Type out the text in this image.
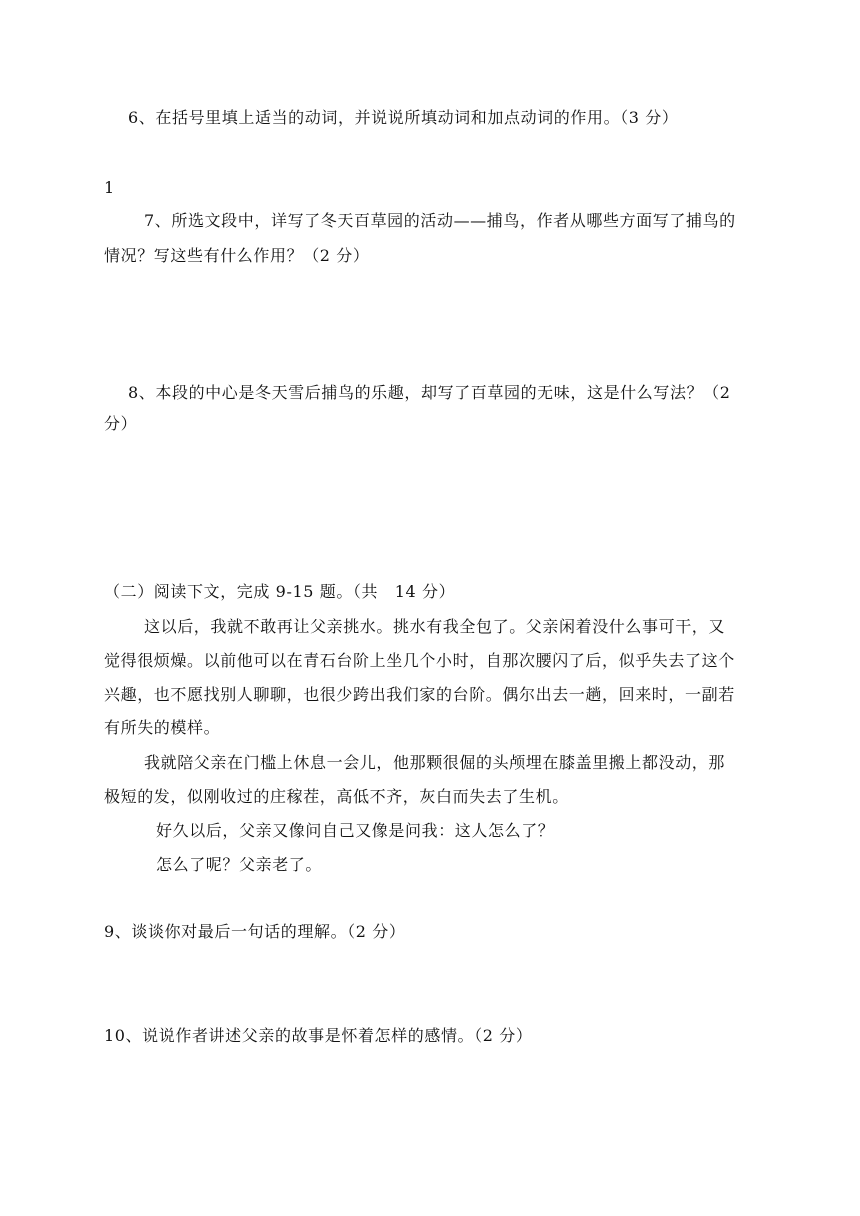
6、在括号里填上适当的动词，并说说所填动词和加点动词的作用。（3 分）
1
7、所选文段中，详写了冬天百草园的活动——捕鸟，作者从哪些方面写了捕鸟的
情况？写这些有什么作用？（2 分）
8、本段的中心是冬天雪后捕鸟的乐趣，却写了百草园的无味，这是什么写法？（2
分）
（二）阅读下文，完成 9-15 题。（共　14 分）
这以后，我就不敢再让父亲挑水。挑水有我全包了。父亲闲着没什么事可干，又
觉得很烦燥。以前他可以在青石台阶上坐几个小时，自那次腰闪了后，似乎失去了这个
兴趣，也不愿找别人聊聊，也很少跨出我们家的台阶。偶尔出去一趟，回来时，一副若
有所失的模样。
我就陪父亲在门槛上休息一会儿，他那颗很倔的头颅埋在膝盖里搬上都没动，那
极短的发，似刚收过的庄稼茬，高低不齐，灰白而失去了生机。
好久以后，父亲又像问自己又像是问我：这人怎么了？
怎么了呢？父亲老了。
9、谈谈你对最后一句话的理解。（2 分）
10、说说作者讲述父亲的故事是怀着怎样的感情。（2 分）
